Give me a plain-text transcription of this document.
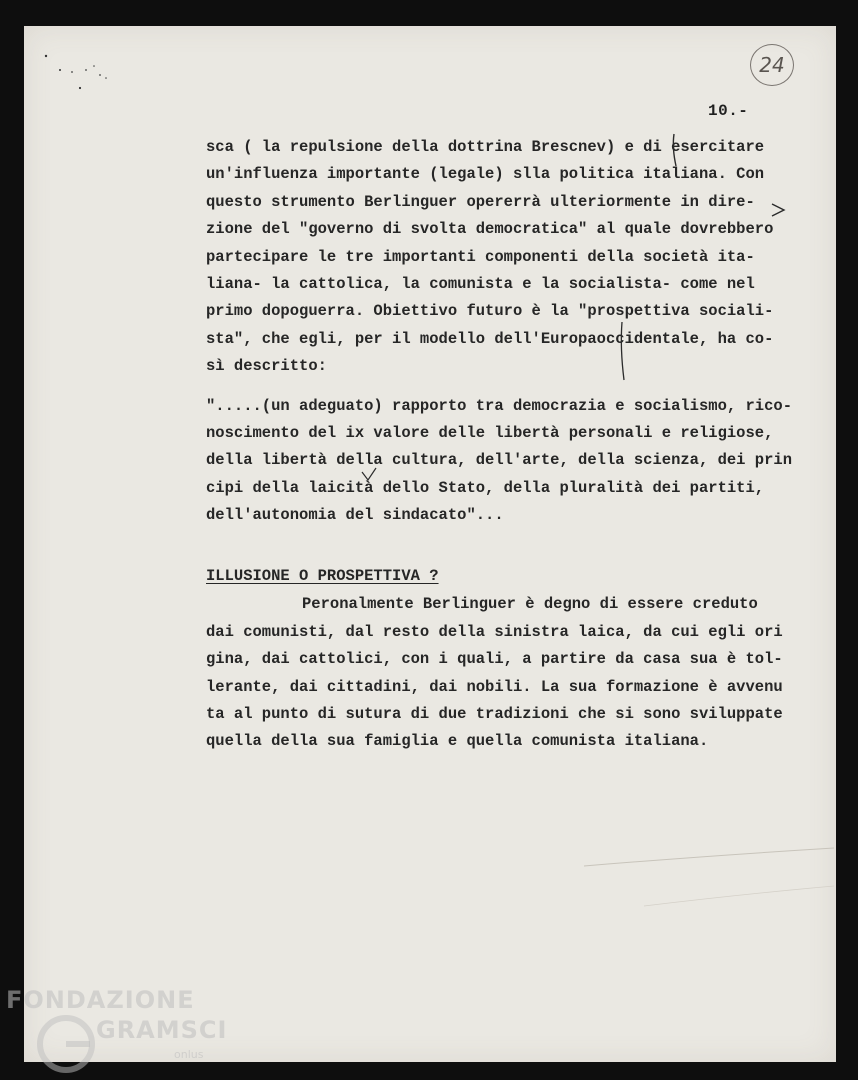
24
10.-
sca ( la repulsione della dottrina Brescnev) e di esercitare
un'influenza importante (legale) slla politica italiana. Con
questo strumento Berlinguer opererrà ulteriormente in dire-
zione del "governo di svolta democratica" al quale dovrebbero
partecipare le tre importanti componenti della società ita-
liana- la cattolica, la comunista e la socialista- come nel
primo dopoguerra. Obiettivo futuro è la "prospettiva sociali-
sta", che egli, per il modello dell'Europaoccidentale, ha co-
sì descritto:
".....(un adeguato) rapporto tra democrazia e socialismo, rico-
noscimento del ix valore delle libertà personali e religiose,
della libertà della cultura, dell'arte, della scienza, dei prin
cipi della laicità dello Stato, della pluralità dei partiti,
dell'autonomia del sindacato"...
ILLUSIONE O PROSPETTIVA ?
Peronalmente Berlinguer è degno di essere creduto
dai comunisti, dal resto della sinistra laica, da cui egli ori
gina, dai cattolici, con i quali, a partire da casa sua è tol-
lerante, dai cittadini, dai nobili. La sua formazione è avvenu
ta al punto di sutura di due tradizioni che si sono sviluppate
quella della sua famiglia e quella comunista italiana.
FONDAZIONE
GRAMSCI
onlus
